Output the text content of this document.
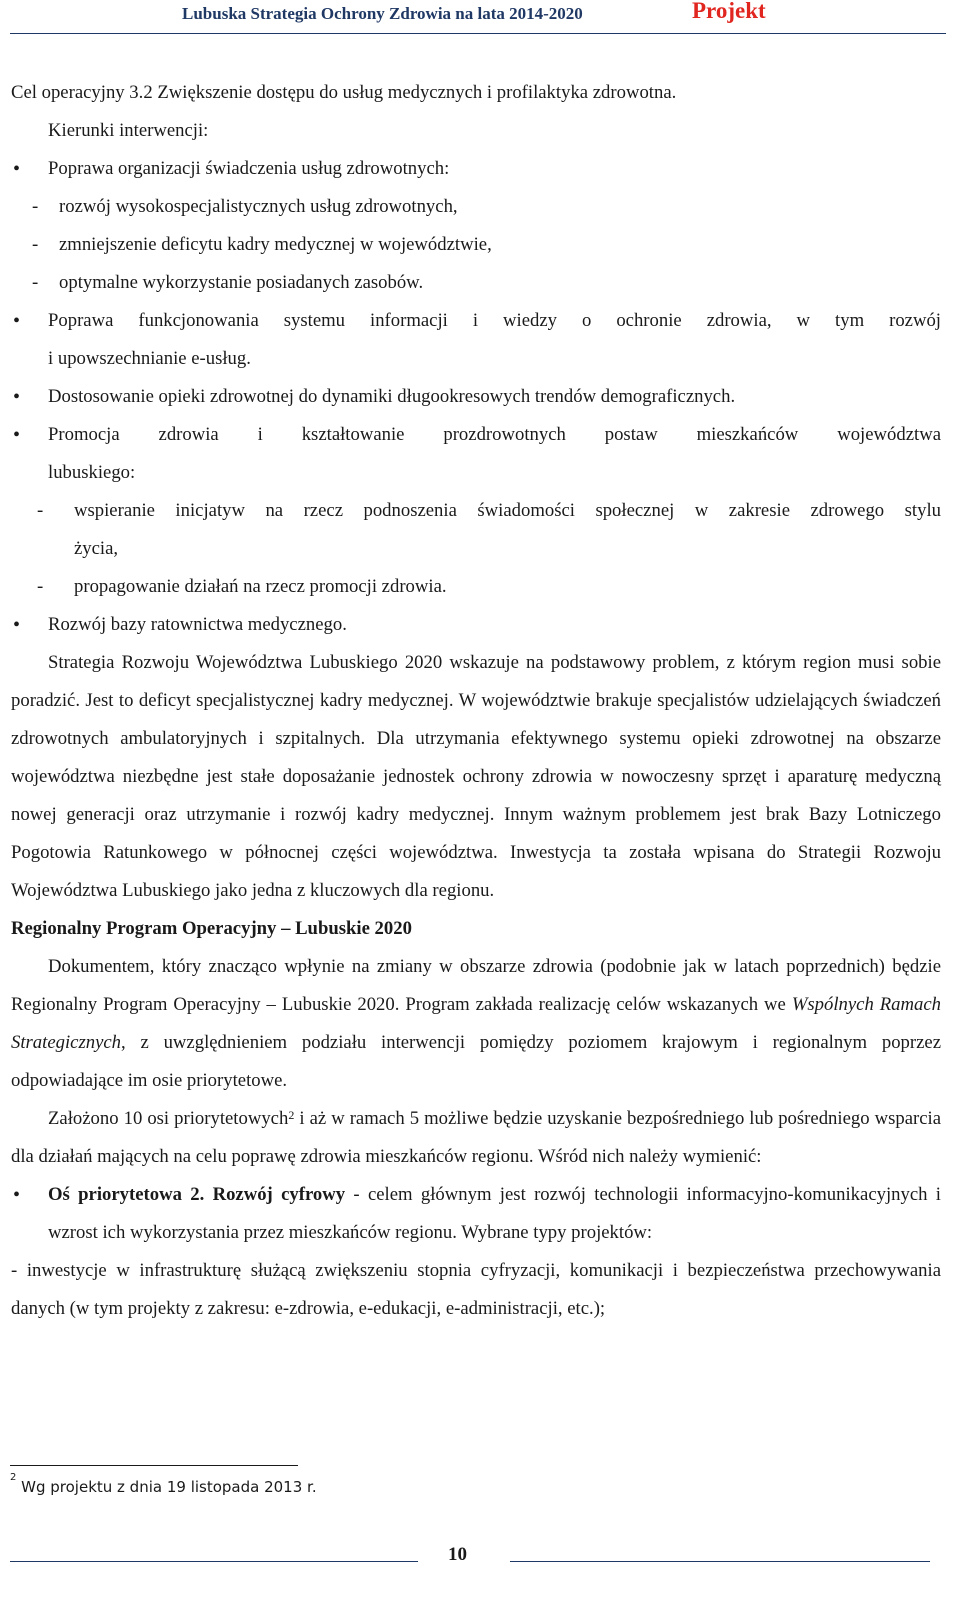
Lubuska Strategia Ochrony Zdrowia na lata 2014-2020	Projekt
Cel operacyjny 3.2 Zwiększenie dostępu do usług medycznych i profilaktyka zdrowotna.
Kierunki interwencji:
• Poprawa organizacji świadczenia usług zdrowotnych:
- rozwój wysokospecjalistycznych usług zdrowotnych,
- zmniejszenie deficytu kadry medycznej w województwie,
- optymalne wykorzystanie posiadanych zasobów.
• Poprawa funkcjonowania systemu informacji i wiedzy o ochronie zdrowia, w tym rozwój
i upowszechnianie e-usług.
• Dostosowanie opieki zdrowotnej do dynamiki długookresowych trendów demograficznych.
• Promocja zdrowia i kształtowanie prozdrowotnych postaw mieszkańców województwa
lubuskiego:
- wspieranie inicjatyw na rzecz podnoszenia świadomości społecznej w zakresie zdrowego stylu
życia,
- propagowanie działań na rzecz promocji zdrowia.
• Rozwój bazy ratownictwa medycznego.
Strategia Rozwoju Województwa Lubuskiego 2020 wskazuje na podstawowy problem, z którym region musi sobie poradzić. Jest to deficyt specjalistycznej kadry medycznej. W województwie brakuje specjalistów udzielających świadczeń zdrowotnych ambulatoryjnych i szpitalnych. Dla utrzymania efektywnego systemu opieki zdrowotnej na obszarze województwa niezbędne jest stałe doposażanie jednostek ochrony zdrowia w nowoczesny sprzęt i aparaturę medyczną nowej generacji oraz utrzymanie i rozwój kadry medycznej. Innym ważnym problemem jest brak Bazy Lotniczego Pogotowia Ratunkowego w północnej części województwa. Inwestycja ta została wpisana do Strategii Rozwoju Województwa Lubuskiego jako jedna z kluczowych dla regionu.
Regionalny Program Operacyjny – Lubuskie 2020
Dokumentem, który znacząco wpłynie na zmiany w obszarze zdrowia (podobnie jak w latach poprzednich) będzie Regionalny Program Operacyjny – Lubuskie 2020. Program zakłada realizację celów wskazanych we Wspólnych Ramach Strategicznych, z uwzględnieniem podziału interwencji pomiędzy poziomem krajowym i regionalnym poprzez odpowiadające im osie priorytetowe.
Założono 10 osi priorytetowych$^2$ i aż w ramach 5 możliwe będzie uzyskanie bezpośredniego lub pośredniego wsparcia dla działań mających na celu poprawę zdrowia mieszkańców regionu. Wśród nich należy wymienić:
• Oś priorytetowa 2. Rozwój cyfrowy - celem głównym jest rozwój technologii informacyjno-komunikacyjnych i wzrost ich wykorzystania przez mieszkańców regionu. Wybrane typy projektów:
- inwestycje w infrastrukturę służącą zwiększeniu stopnia cyfryzacji, komunikacji i bezpieczeństwa przechowywania danych (w tym projekty z zakresu: e-zdrowia, e-edukacji, e-administracji, etc.);
$^2$ Wg projektu z dnia 19 listopada 2013 r.
10
